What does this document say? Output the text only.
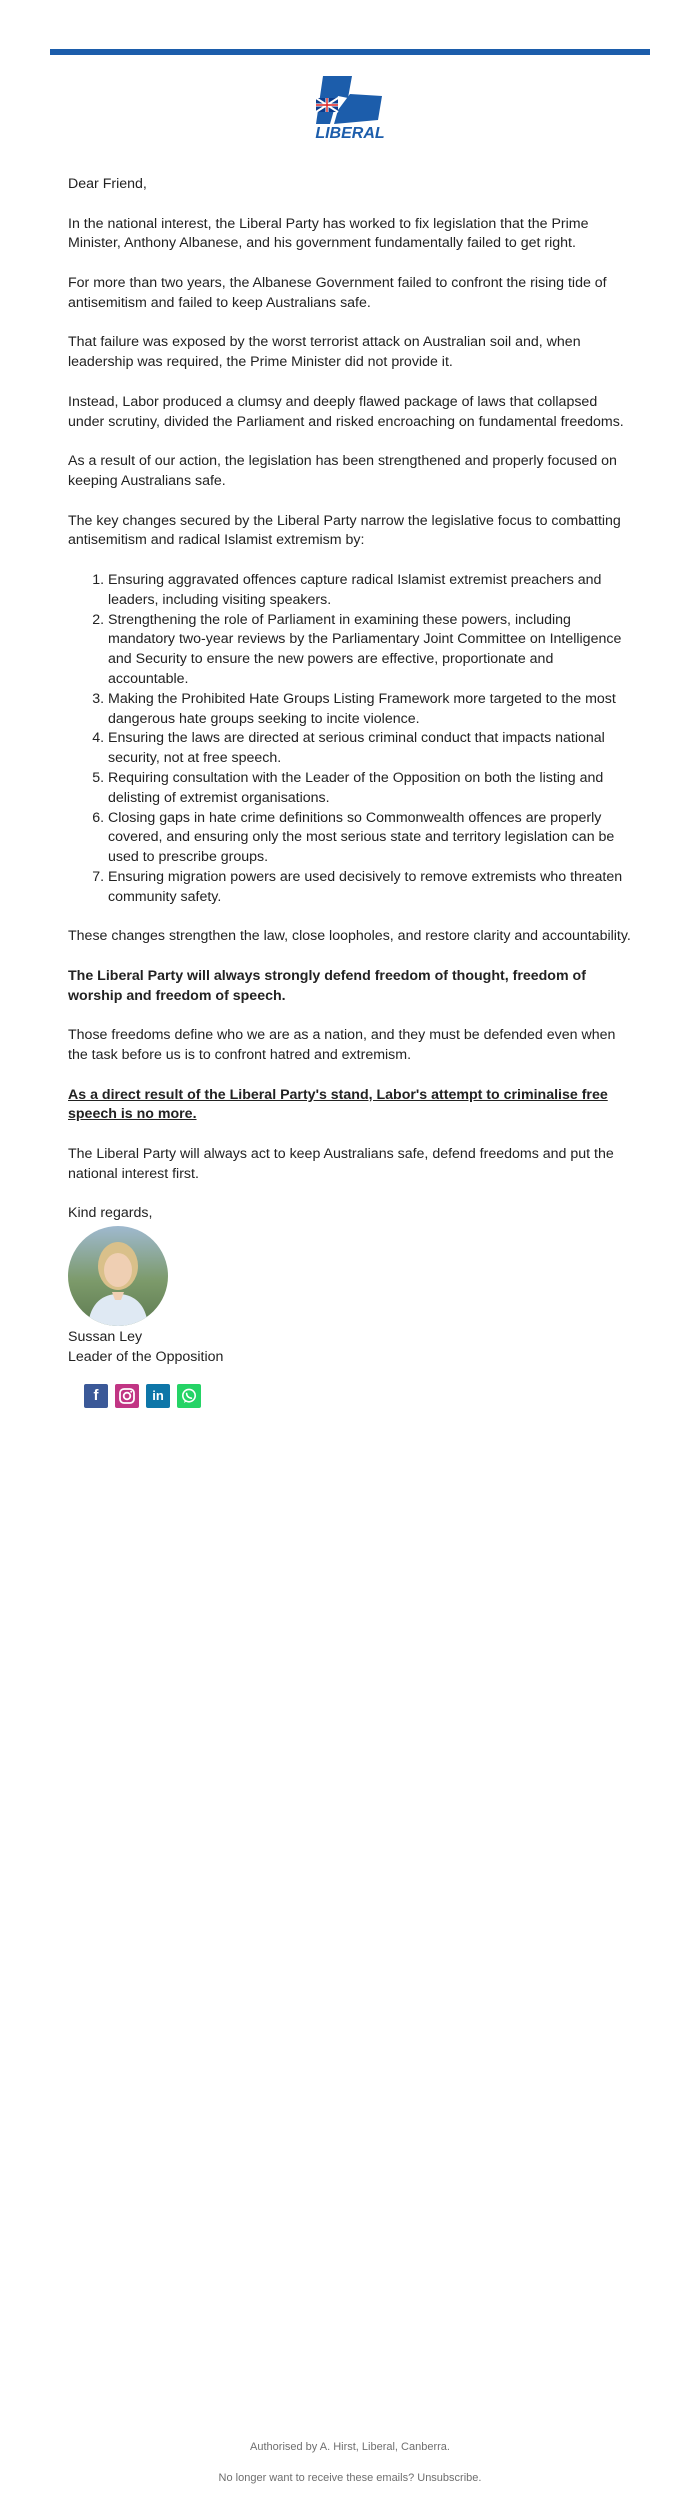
LIBERAL

Dear Friend,

In the national interest, the Liberal Party has worked to fix legislation that the Prime Minister, Anthony Albanese, and his government fundamentally failed to get right.

For more than two years, the Albanese Government failed to confront the rising tide of antisemitism and failed to keep Australians safe.

That failure was exposed by the worst terrorist attack on Australian soil and, when leadership was required, the Prime Minister did not provide it.

Instead, Labor produced a clumsy and deeply flawed package of laws that collapsed under scrutiny, divided the Parliament and risked encroaching on fundamental freedoms.

As a result of our action, the legislation has been strengthened and properly focused on keeping Australians safe.

The key changes secured by the Liberal Party narrow the legislative focus to combatting antisemitism and radical Islamist extremism by:

1. Ensuring aggravated offences capture radical Islamist extremist preachers and leaders, including visiting speakers.
2. Strengthening the role of Parliament in examining these powers, including mandatory two-year reviews by the Parliamentary Joint Committee on Intelligence and Security to ensure the new powers are effective, proportionate and accountable.
3. Making the Prohibited Hate Groups Listing Framework more targeted to the most dangerous hate groups seeking to incite violence.
4. Ensuring the laws are directed at serious criminal conduct that impacts national security, not at free speech.
5. Requiring consultation with the Leader of the Opposition on both the listing and delisting of extremist organisations.
6. Closing gaps in hate crime definitions so Commonwealth offences are properly covered, and ensuring only the most serious state and territory legislation can be used to prescribe groups.
7. Ensuring migration powers are used decisively to remove extremists who threaten community safety.

These changes strengthen the law, close loopholes, and restore clarity and accountability.

The Liberal Party will always strongly defend freedom of thought, freedom of worship and freedom of speech.

Those freedoms define who we are as a nation, and they must be defended even when the task before us is to confront hatred and extremism.

As a direct result of the Liberal Party's stand, Labor's attempt to criminalise free speech is no more.

The Liberal Party will always act to keep Australians safe, defend freedoms and put the national interest first.

Kind regards,

Sussan Ley
Leader of the Opposition
f	in
Authorised by A. Hirst, Liberal, Canberra.
No longer want to receive these emails? Unsubscribe.
